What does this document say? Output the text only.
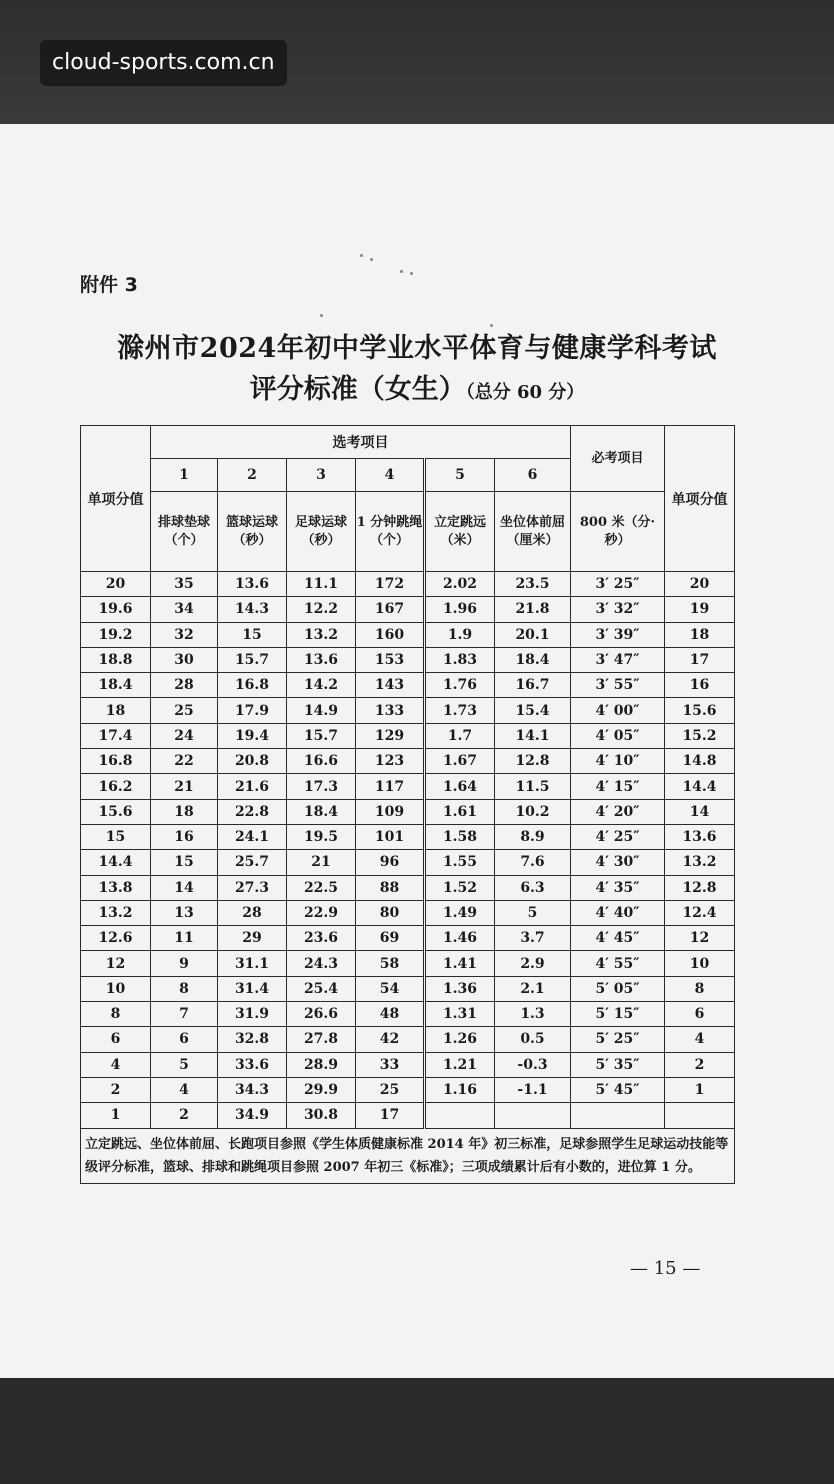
cloud-sports.com.cn
附件 3
滁州市2024年初中学业水平体育与健康学科考试
评分标准（女生）（总分 60 分）
单项分值	选考项目						必考项目	单项分值
	1	2	3	4	5	6		
	排球垫球（个）	篮球运球（秒）	足球运球（秒）	1 分钟跳绳（个）	立定跳远（米）	坐位体前屈（厘米）	800 米（分·秒）	
20	35	13.6	11.1	172	2.02	23.5	3′ 25″	20
19.6	34	14.3	12.2	167	1.96	21.8	3′ 32″	19
19.2	32	15	13.2	160	1.9	20.1	3′ 39″	18
18.8	30	15.7	13.6	153	1.83	18.4	3′ 47″	17
18.4	28	16.8	14.2	143	1.76	16.7	3′ 55″	16
18	25	17.9	14.9	133	1.73	15.4	4′ 00″	15.6
17.4	24	19.4	15.7	129	1.7	14.1	4′ 05″	15.2
16.8	22	20.8	16.6	123	1.67	12.8	4′ 10″	14.8
16.2	21	21.6	17.3	117	1.64	11.5	4′ 15″	14.4
15.6	18	22.8	18.4	109	1.61	10.2	4′ 20″	14
15	16	24.1	19.5	101	1.58	8.9	4′ 25″	13.6
14.4	15	25.7	21	96	1.55	7.6	4′ 30″	13.2
13.8	14	27.3	22.5	88	1.52	6.3	4′ 35″	12.8
13.2	13	28	22.9	80	1.49	5	4′ 40″	12.4
12.6	11	29	23.6	69	1.46	3.7	4′ 45″	12
12	9	31.1	24.3	58	1.41	2.9	4′ 55″	10
10	8	31.4	25.4	54	1.36	2.1	5′ 05″	8
8	7	31.9	26.6	48	1.31	1.3	5′ 15″	6
6	6	32.8	27.8	42	1.26	0.5	5′ 25″	4
4	5	33.6	28.9	33	1.21	-0.3	5′ 35″	2
2	4	34.3	29.9	25	1.16	-1.1	5′ 45″	1
1	2	34.9	30.8	17				
立定跳远、坐位体前屈、长跑项目参照《学生体质健康标准 2014 年》初三标准，足球参照学生足球运动技能等级评分标准，篮球、排球和跳绳项目参照 2007 年初三《标准》；三项成绩累计后有小数的，进位算 1 分。								
— 15 —
